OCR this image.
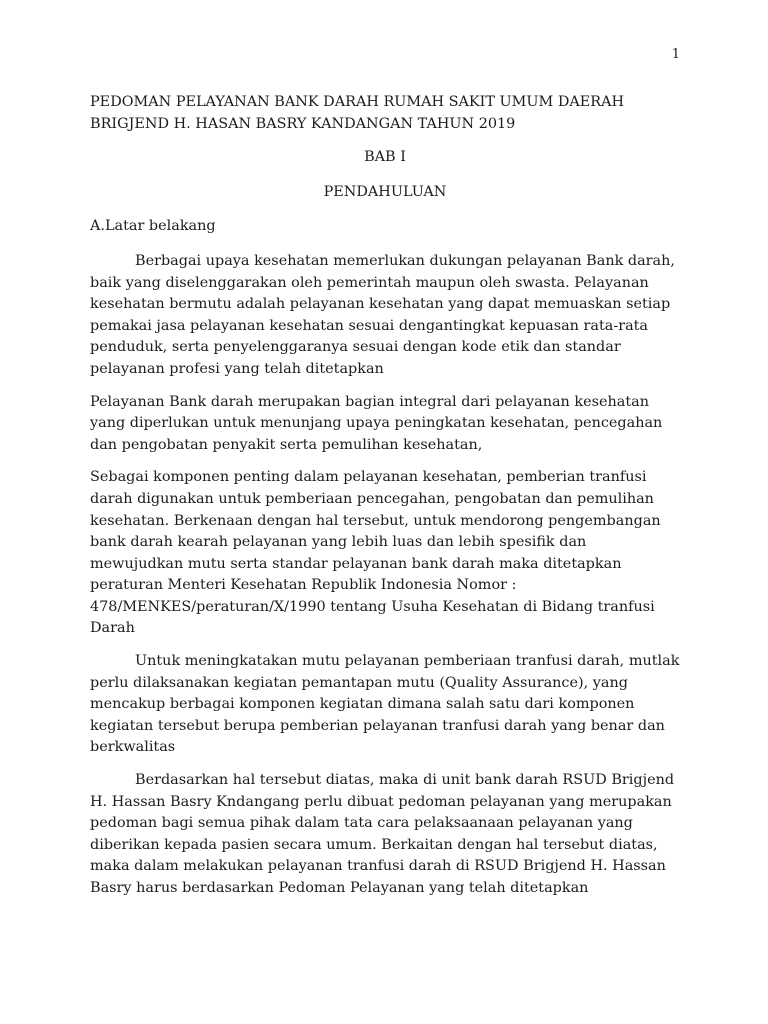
1
PEDOMAN PELAYANAN BANK DARAH RUMAH SAKIT UMUM DAERAH
BRIGJEND H. HASAN BASRY KANDANGAN TAHUN 2019
BAB I
PENDAHULUAN
A.Latar belakang

Berbagai upaya kesehatan memerlukan dukungan pelayanan Bank darah, baik yang diselenggarakan oleh pemerintah maupun oleh swasta. Pelayanan kesehatan bermutu adalah pelayanan kesehatan yang dapat memuaskan setiap pemakai jasa pelayanan kesehatan sesuai dengantingkat kepuasan rata-rata penduduk, serta penyelenggaranya sesuai dengan kode etik dan standar pelayanan profesi yang telah ditetapkan

Pelayanan Bank darah merupakan bagian integral dari pelayanan kesehatan yang diperlukan untuk menunjang upaya peningkatan kesehatan, pencegahan dan pengobatan penyakit serta pemulihan kesehatan,

Sebagai komponen penting dalam pelayanan kesehatan, pemberian tranfusi darah digunakan untuk pemberiaan pencegahan, pengobatan dan pemulihan kesehatan. Berkenaan dengan hal tersebut, untuk mendorong pengembangan bank darah kearah pelayanan yang lebih luas dan lebih spesifik dan mewujudkan mutu serta standar pelayanan bank darah maka ditetapkan peraturan Menteri Kesehatan Republik Indonesia Nomor : 478/MENKES/peraturan/X/1990 tentang Usuha Kesehatan di Bidang tranfusi Darah

Untuk meningkatakan mutu pelayanan pemberiaan tranfusi darah, mutlak perlu dilaksanakan kegiatan pemantapan mutu (Quality Assurance), yang mencakup berbagai komponen kegiatan dimana salah satu dari komponen kegiatan tersebut berupa pemberian pelayanan tranfusi darah yang benar dan berkwalitas

Berdasarkan hal tersebut diatas, maka di unit bank darah RSUD Brigjend H. Hassan Basry Kndangang perlu dibuat pedoman pelayanan yang merupakan pedoman bagi semua pihak dalam tata cara pelaksaanaan pelayanan yang diberikan kepada pasien secara umum. Berkaitan dengan hal tersebut diatas, maka dalam melakukan pelayanan tranfusi darah di RSUD Brigjend H. Hassan Basry harus berdasarkan Pedoman Pelayanan yang telah ditetapkan
